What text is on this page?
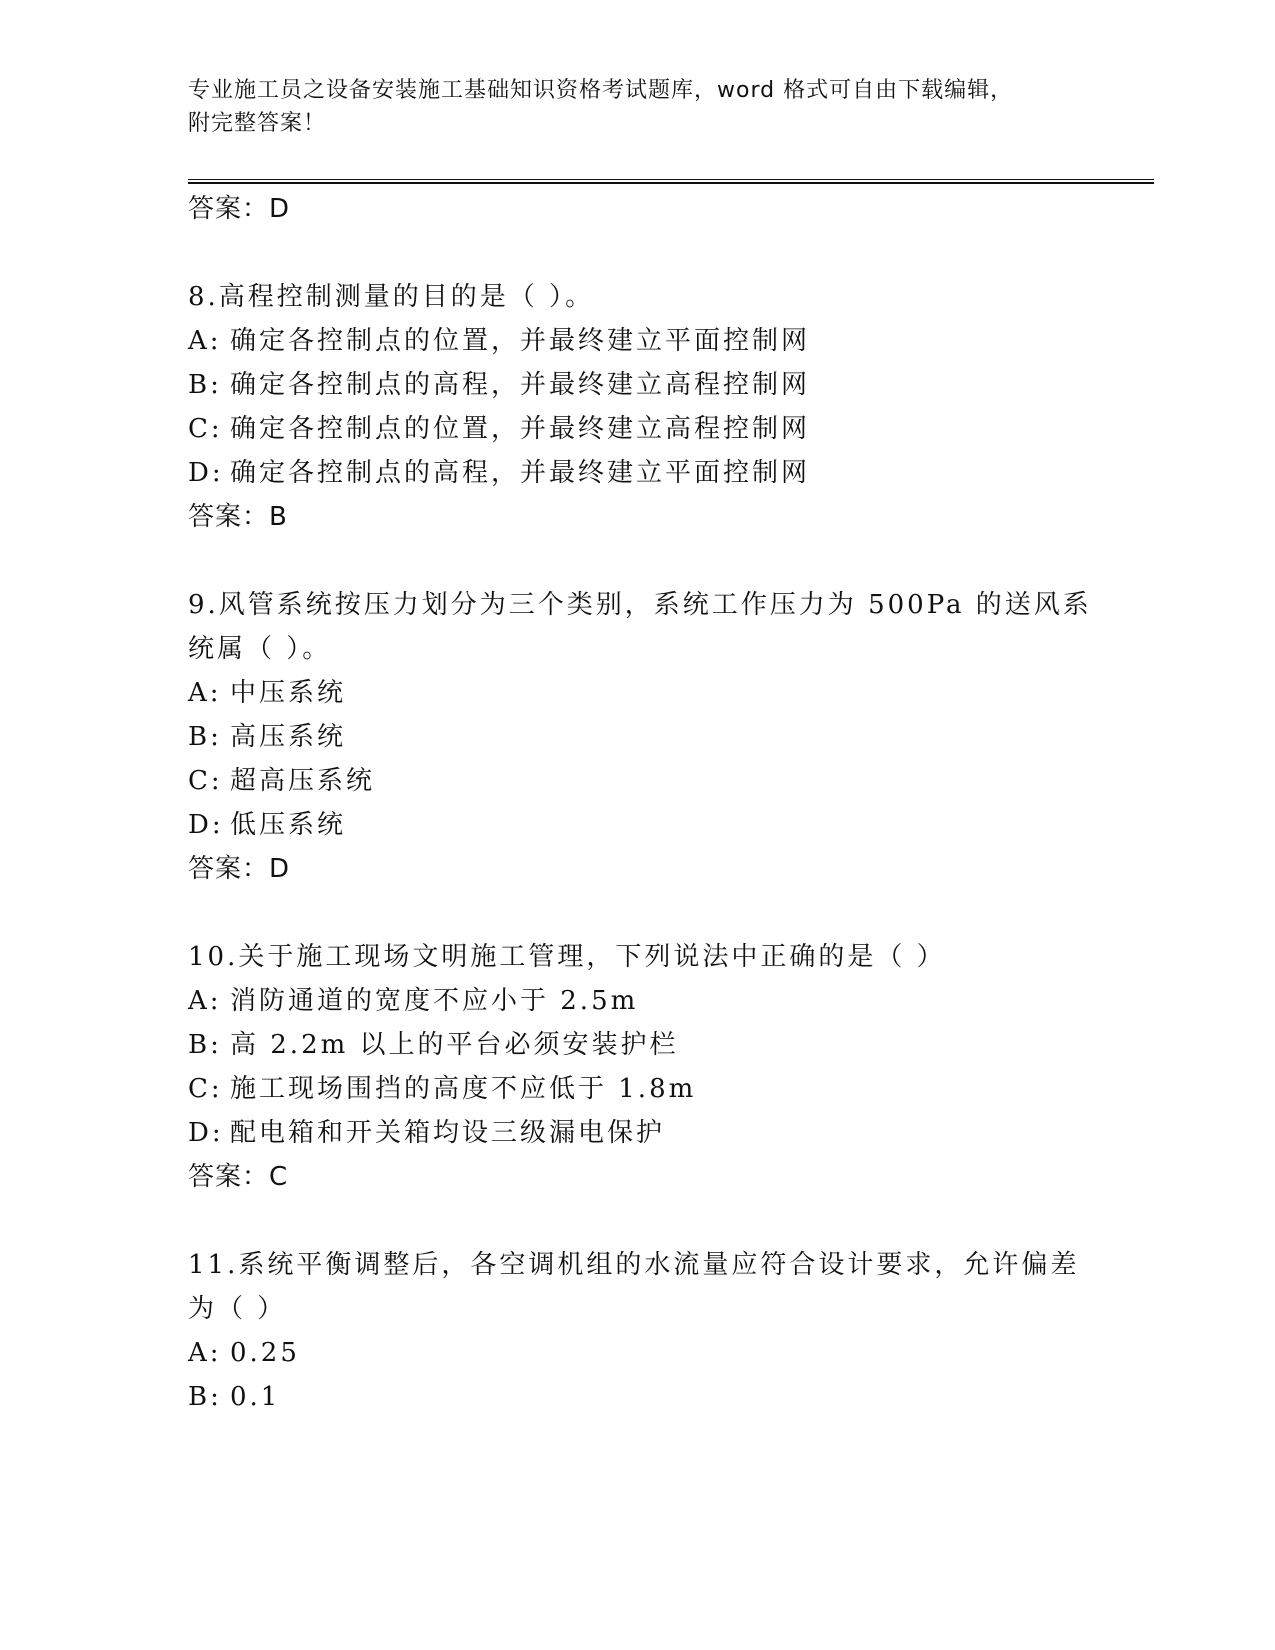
专业施工员之设备安装施工基础知识资格考试题库，word 格式可自由下载编辑，
附完整答案！
答案：D
8.高程控制测量的目的是（ ）。
A: 确定各控制点的位置，并最终建立平面控制网
B: 确定各控制点的高程，并最终建立高程控制网
C: 确定各控制点的位置，并最终建立高程控制网
D: 确定各控制点的高程，并最终建立平面控制网
答案：B
9.风管系统按压力划分为三个类别，系统工作压力为 500Pa 的送风系
统属（ ）。
A: 中压系统
B: 高压系统
C: 超高压系统
D: 低压系统
答案：D
10.关于施工现场文明施工管理，下列说法中正确的是（ ）
A: 消防通道的宽度不应小于 2.5m
B: 高 2.2m 以上的平台必须安装护栏
C: 施工现场围挡的高度不应低于 1.8m
D: 配电箱和开关箱均设三级漏电保护
答案：C
11.系统平衡调整后，各空调机组的水流量应符合设计要求，允许偏差
为（ ）
A: 0.25
B: 0.1
